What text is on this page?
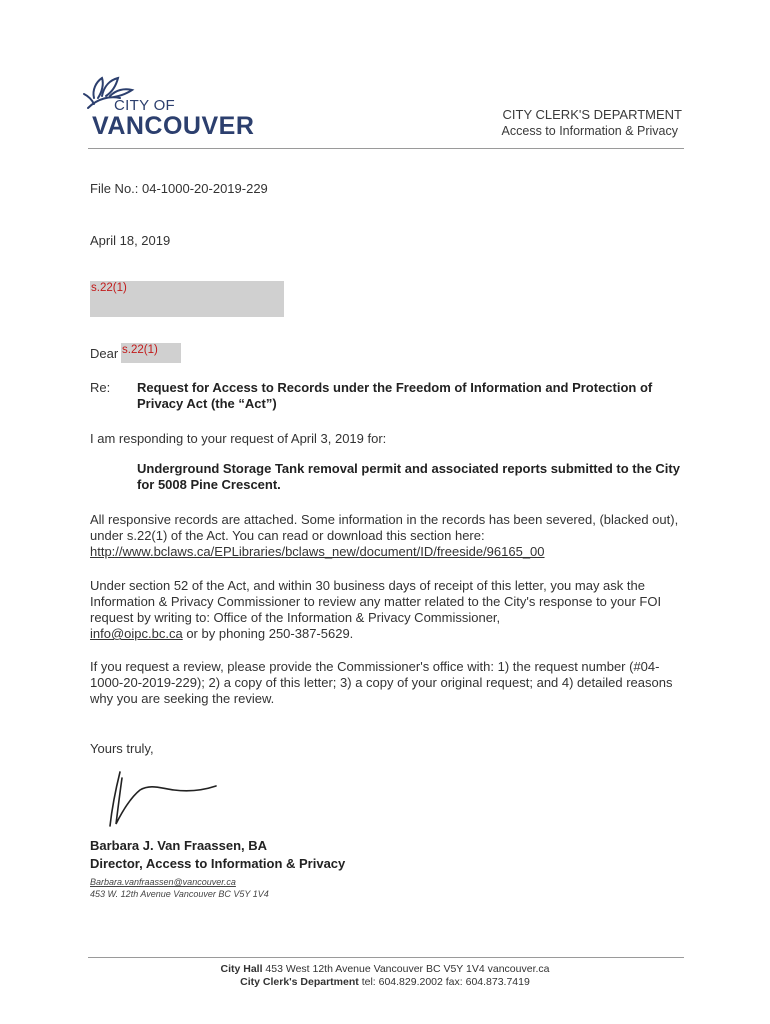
CITY OF
VANCOUVER	CITY CLERK'S DEPARTMENT
Access to Information & Privacy
File No.: 04-1000-20-2019-229
April 18, 2019
s.22(1)
Dear s.22(1)
Re: Request for Access to Records under the Freedom of Information and Protection of Privacy Act (the “Act”)
I am responding to your request of April 3, 2019 for:
Underground Storage Tank removal permit and associated reports submitted to the City for 5008 Pine Crescent.
All responsive records are attached. Some information in the records has been severed, (blacked out), under s.22(1) of the Act. You can read or download this section here:
http://www.bclaws.ca/EPLibraries/bclaws_new/document/ID/freeside/96165_00
Under section 52 of the Act, and within 30 business days of receipt of this letter, you may ask the Information & Privacy Commissioner to review any matter related to the City's response to your FOI request by writing to: Office of the Information & Privacy Commissioner,
info@oipc.bc.ca or by phoning 250-387-5629.
If you request a review, please provide the Commissioner's office with: 1) the request number (#04-1000-20-2019-229); 2) a copy of this letter; 3) a copy of your original request; and 4) detailed reasons why you are seeking the review.
Yours truly,
Barbara J. Van Fraassen, BA
Director, Access to Information & Privacy
Barbara.vanfraassen@vancouver.ca
453 W. 12th Avenue Vancouver BC V5Y 1V4
City Hall 453 West 12th Avenue Vancouver BC V5Y 1V4 vancouver.ca
City Clerk's Department tel: 604.829.2002 fax: 604.873.7419
